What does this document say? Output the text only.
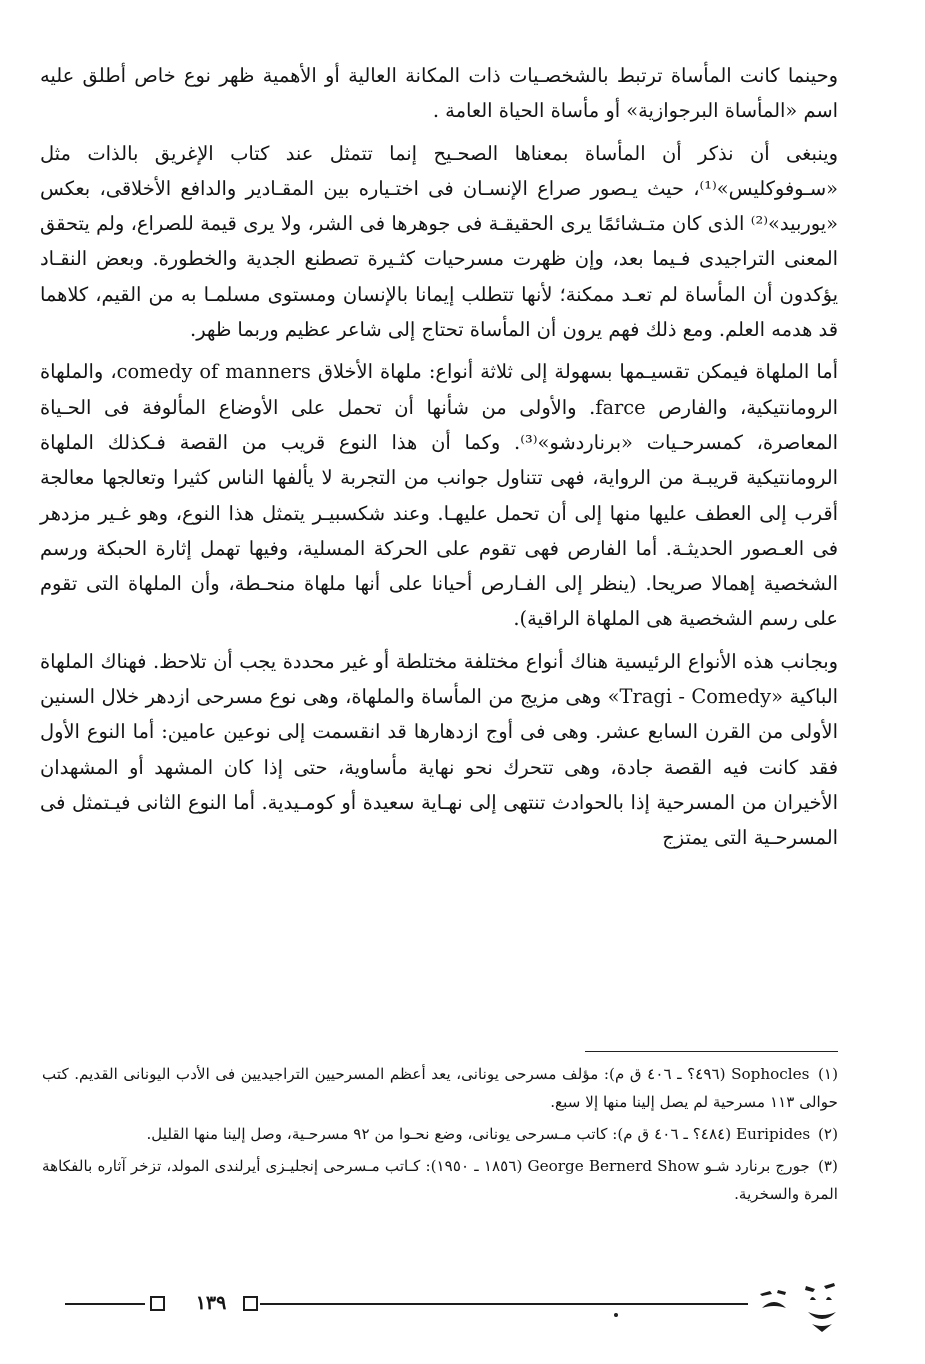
وحينما كانت المأساة ترتبط بالشخصـيات ذات المكانة العالية أو الأهمية ظهر نوع خاص أطلق عليه اسم «المأساة البرجوازية» أو مأساة الحياة العامة .

وينبغى أن نذكر أن المأساة بمعناها الصحـيح إنما تتمثل عند كتاب الإغريق بالذات مثل «سـوفوكليس»⁽¹⁾، حيث يـصور صراع الإنسـان فى اختـياره بين المقـادير والدافع الأخلاقى، بعكس «يوربيد»⁽²⁾ الذى كان متـشائمًا يرى الحقيقـة فى جوهرها فى الشر، ولا يرى قيمة للصراع، ولم يتحقق المعنى التراجيدى فـيما بعد، وإن ظهرت مسرحيات كثـيرة تصطنع الجدية والخطورة. وبعض النقـاد يؤكدون أن المأساة لم تعـد ممكنة؛ لأنها تتطلب إيمانا بالإنسان ومستوى مسلمـا به من القيم، كلاهما قد هدمه العلم. ومع ذلك فهم يرون أن المأساة تحتاج إلى شاعر عظيم وربما ظهر.

أما الملهاة فيمكن تقسيـمها بسهولة إلى ثلاثة أنواع: ملهاة الأخلاق comedy of manners، والملهاة الرومانتيكية، والفارص farce. والأولى من شأنها أن تحمل على الأوضاع المألوفة فى الحـياة المعاصرة، كمسرحـيات «برناردشو»⁽³⁾. وكما أن هذا النوع قريب من القصة فـكذلك الملهاة الرومانتيكية قريبـة من الرواية، فهى تتناول جوانب من التجربة لا يألفها الناس كثيرا وتعالجها معالجة أقرب إلى العطف عليها منها إلى أن تحمل عليهـا. وعند شكسبيـر يتمثل هذا النوع، وهو غـير مزدهر فى العـصور الحديثـة. أما الفارص فهى تقوم على الحركة المسلية، وفيها تهمل إثارة الحبكة ورسم الشخصية إهمالا صريحا. (ينظر إلى الفـارص أحيانا على أنها ملهاة منحـطة، وأن الملهاة التى تقوم على رسم الشخصية هى الملهاة الراقية).

وبجانب هذه الأنواع الرئيسية هناك أنواع مختلفة مختلطة أو غير محددة يجب أن تلاحظ. فهناك الملهاة الباكية «Tragi - Comedy» وهى مزيج من المأساة والملهاة، وهى نوع مسرحى ازدهر خلال السنين الأولى من القرن السابع عشر. وهى فى أوج ازدهارها قد انقسمت إلى نوعين عامين: أما النوع الأول فقد كانت فيه القصة جادة، وهى تتحرك نحو نهاية مأساوية، حتى إذا كان المشهد أو المشهدان الأخيران من المسرحية إذا بالحوادث تنتهى إلى نهـاية سعيدة أو كومـيدية. أما النوع الثانى فيـتمثل فى المسرحـية التى يمتزج

(١) Sophocles (٤٩٦؟ ـ ٤٠٦ ق م): مؤلف مسرحى يونانى، يعد أعظم المسرحيين التراجيديين فى الأدب اليونانى القديم. كتب حوالى ١١٣ مسرحية لم يصل إلينا منها إلا سبع.

(٢) Euripides (٤٨٤؟ ـ ٤٠٦ ق م): كاتب مـسرحى يونانى، وضع نحـوا من ٩٢ مسرحـية، وصل إلينا منها القليل.

(٣) جورج برنارد شـو George Bernerd Show (١٨٥٦ ـ ١٩٥٠): كـاتب مـسرحى إنجليـزى أيرلندى المولد، تزخر آثاره بالفكاهة المرة والسخرية.

١٣٩
